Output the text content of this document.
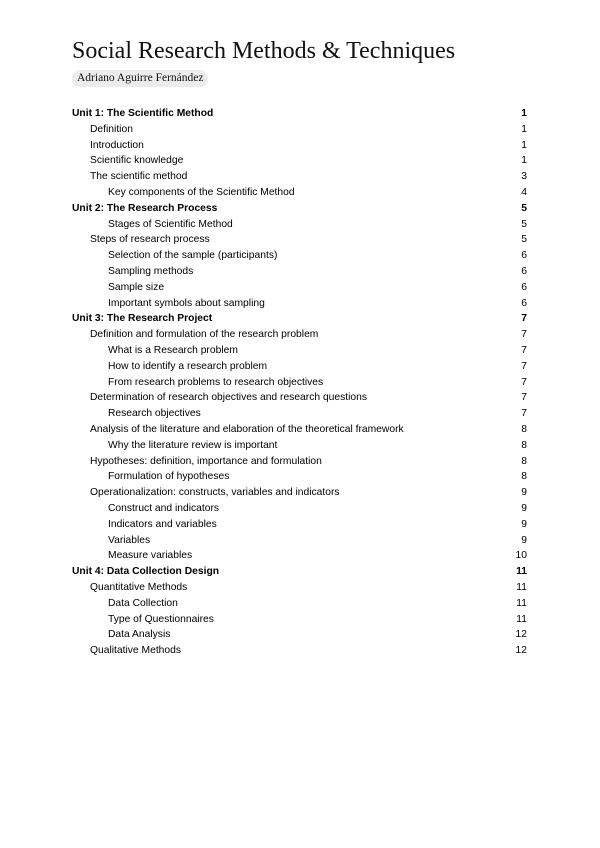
Social Research Methods & Techniques
Adriano Aguirre Fernández
Unit 1: The Scientific Method	1
Definition	1
Introduction	1
Scientific knowledge	1
The scientific method	3
Key components of the Scientific Method	4
Unit 2: The Research Process	5
Stages of Scientific Method	5
Steps of research process	5
Selection of the sample (participants)	6
Sampling methods	6
Sample size	6
Important symbols about sampling	6
Unit 3: The Research Project	7
Definition and formulation of the research problem	7
What is a Research problem	7
How to identify a research problem	7
From research problems to research objectives	7
Determination of research objectives and research questions	7
Research objectives	7
Analysis of the literature and elaboration of the theoretical framework	8
Why the literature review is important	8
Hypotheses: definition, importance and formulation	8
Formulation of hypotheses	8
Operationalization: constructs, variables and indicators	9
Construct and indicators	9
Indicators and variables	9
Variables	9
Measure variables	10
Unit 4: Data Collection Design	11
Quantitative Methods	11
Data Collection	11
Type of Questionnaires	11
Data Analysis	12
Qualitative Methods	12
